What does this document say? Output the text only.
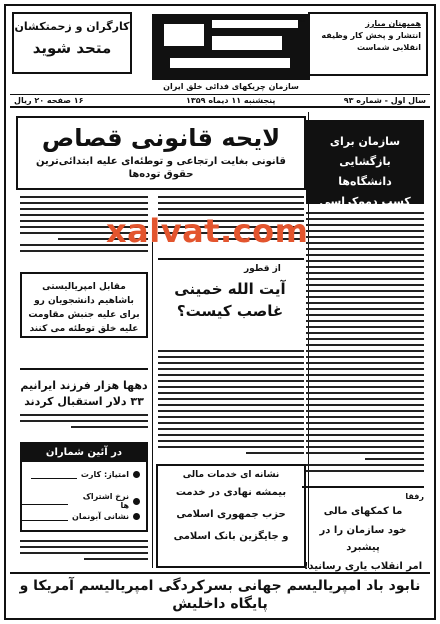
کارگران و زحمتکشان
متحد شوید
سازمان چریکهای فدائی خلق ایران
همیهنان مبارز
انتشار و پخش کار وظیفه انقلابی شماست
۵
سال اول - شماره ۹۳
پنجشنبه ۱۱ دیماه ۱۳۵۹
۱۶ صفحه ۲۰ ریال
لایحه قانونی قصاص
قانونی بغایت ارتجاعی و توطئه‌ای علیه ابتدائی‌ترین
حقوق توده‌ها
سازمان برای بازگشایی
دانشگاه‌ها
کسب دموکراسی
مقابل امپریالیستی
باشاهیم دانشجویان رو
برای علیه جنبش مقاومت
علیه خلق توطئه می کنند
از قطور
آیت الله خمینی
غاصب کیست؟
دهها هزار فرزند ایرانیم
۳۳ دلار استقبال کردند
در آئین شماران
امتیاز: کارت
نرخ اشتراک ها
نشانی آبونمان
نشانه ای خدمات مالی
بیمشه نهادی در خدمت
حزب جمهوری اسلامی
و جایگزین بانک اسلامی
رفقا
ما کمکهای مالی
خود سازمان را در پیشبرد
امر انقلاب یاری رسانید!
نابود باد امپریالیسم جهانی بسرکردگی امپریالیسم آمریکا و
پایگاه داخلیش
xalvat.com
